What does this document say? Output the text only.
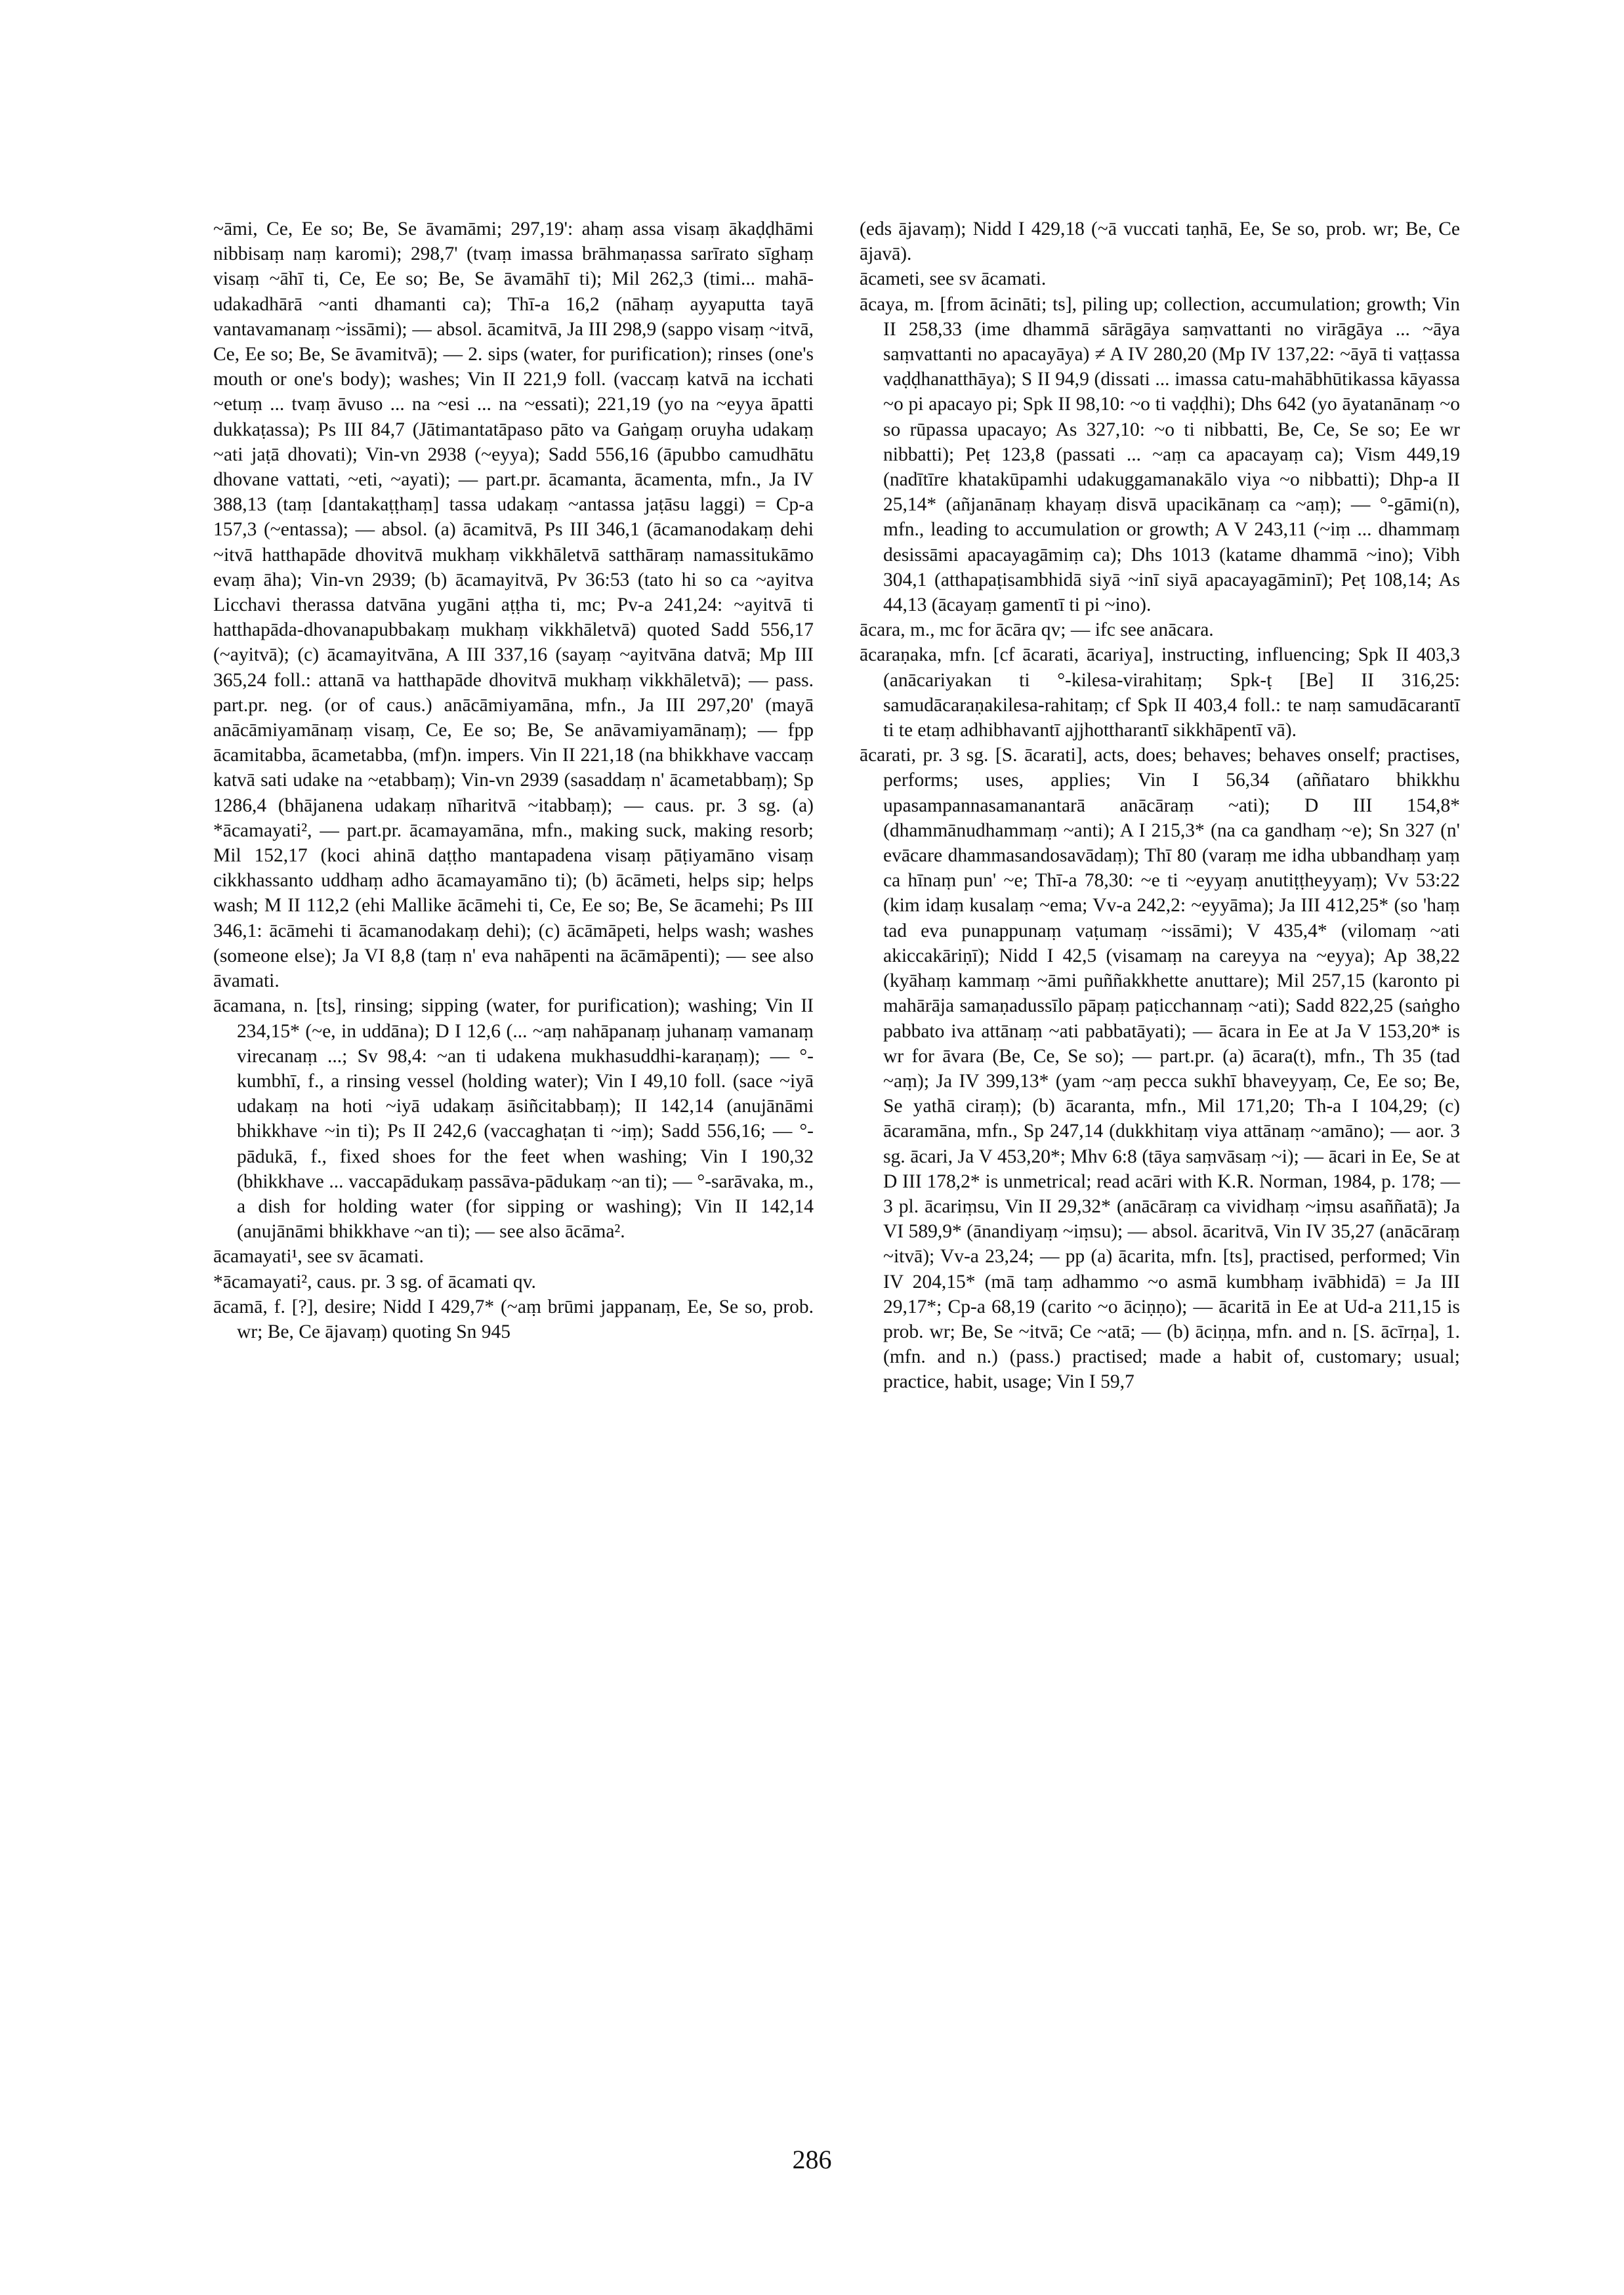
~āmi, Ce, Ee so; Be, Se āvamāmi; 297,19': ahaṃ assa visaṃ ākaḍḍhāmi nibbisaṃ naṃ karomi); 298,7' (tvaṃ imassa brāhmaṇassa sarīrato sīghaṃ visaṃ ~āhī ti, Ce, Ee so; Be, Se āvamāhī ti); Mil 262,3 (timi... mahā-udakadhārā ~anti dhamanti ca); Thī-a 16,2 (nāhaṃ ayyaputta tayā vantavamanaṃ ~issāmi); — absol. ācamitvā, Ja III 298,9 (sappo visaṃ ~itvā, Ce, Ee so; Be, Se āvamitvā); — 2. sips (water, for purification); rinses (one's mouth or one's body); washes; Vin II 221,9 foll. (vaccaṃ katvā na icchati ~etuṃ ... tvaṃ āvuso ... na ~esi ... na ~essati); 221,19 (yo na ~eyya āpatti dukkaṭassa); Ps III 84,7 (Jātimantatāpaso pāto va Gaṅgaṃ oruyha udakaṃ ~ati jaṭā dhovati); Vin-vn 2938 (~eyya); Sadd 556,16 (āpubbo camudhātu dhovane vattati, ~eti, ~ayati); — part.pr. ācamanta, ācamenta, mfn., Ja IV 388,13 (taṃ [dantakaṭṭhaṃ] tassa udakaṃ ~antassa jaṭāsu laggi) = Cp-a 157,3 (~entassa); — absol. (a) ācamitvā, Ps III 346,1 (ācamanodakaṃ dehi ~itvā hatthapāde dhovitvā mukhaṃ vikkhāletvā satthāraṃ namassitukāmo evaṃ āha); Vin-vn 2939; (b) ācamayitvā, Pv 36:53 (tato hi so ca ~ayitva Licchavi therassa datvāna yugāni aṭṭha ti, mc; Pv-a 241,24: ~ayitvā ti hatthapāda-dhovanapubbakaṃ mukhaṃ vikkhāletvā) quoted Sadd 556,17 (~ayitvā); (c) ācamayitvāna, A III 337,16 (sayaṃ ~ayitvāna datvā; Mp III 365,24 foll.: attanā va hatthapāde dhovitvā mukhaṃ vikkhāletvā); — pass. part.pr. neg. (or of caus.) anācāmiyamāna, mfn., Ja III 297,20' (mayā anācāmiyamānaṃ visaṃ, Ce, Ee so; Be, Se anāvamiyamānaṃ); — fpp ācamitabba, ācametabba, (mf)n. impers. Vin II 221,18 (na bhikkhave vaccaṃ katvā sati udake na ~etabbaṃ); Vin-vn 2939 (sasaddaṃ n' ācametabbaṃ); Sp 1286,4 (bhājanena udakaṃ nīharitvā ~itabbaṃ); — caus. pr. 3 sg. (a) *ācamayati², — part.pr. ācamayamāna, mfn., making suck, making resorb; Mil 152,17 (koci ahinā daṭṭho mantapadena visaṃ pāṭiyamāno visaṃ cikkhassanto uddhaṃ adho ācamayamāno ti); (b) ācāmeti, helps sip; helps wash; M II 112,2 (ehi Mallike ācāmehi ti, Ce, Ee so; Be, Se ācamehi; Ps III 346,1: ācāmehi ti ācamanodakaṃ dehi); (c) ācāmāpeti, helps wash; washes (someone else); Ja VI 8,8 (taṃ n' eva nahāpenti na ācāmāpenti); — see also āvamati.

ācamana, n. [ts], rinsing; sipping (water, for purification); washing; Vin II 234,15* (~e, in uddāna); D I 12,6 (... ~aṃ nahāpanaṃ juhanaṃ vamanaṃ virecanaṃ ...; Sv 98,4: ~an ti udakena mukhasuddhi-karaṇaṃ); — °-kumbhī, f., a rinsing vessel (holding water); Vin I 49,10 foll. (sace ~iyā udakaṃ na hoti ~iyā udakaṃ āsiñcitabbaṃ); II 142,14 (anujānāmi bhikkhave ~in ti); Ps II 242,6 (vaccaghaṭan ti ~iṃ); Sadd 556,16; — °-pādukā, f., fixed shoes for the feet when washing; Vin I 190,32 (bhikkhave ... vaccapādukaṃ passāva-pādukaṃ ~an ti); — °-sarāvaka, m., a dish for holding water (for sipping or washing); Vin II 142,14 (anujānāmi bhikkhave ~an ti); — see also ācāma².

ācamayati¹, see sv ācamati.

*ācamayati², caus. pr. 3 sg. of ācamati qv.

ācamā, f. [?], desire; Nidd I 429,7* (~aṃ brūmi jappanaṃ, Ee, Se so, prob. wr; Be, Ce ājavaṃ) quoting Sn 945

(eds ājavaṃ); Nidd I 429,18 (~ā vuccati taṇhā, Ee, Se so, prob. wr; Be, Ce ājavā).

ācameti, see sv ācamati.

ācaya, m. [from ācināti; ts], piling up; collection, accumulation; growth; Vin II 258,33 (ime dhammā sārāgāya saṃvattanti no virāgāya ... ~āya saṃvattanti no apacayāya) ≠ A IV 280,20 (Mp IV 137,22: ~āyā ti vaṭṭassa vaḍḍhanatthāya); S II 94,9 (dissati ... imassa catu-mahābhūtikassa kāyassa ~o pi apacayo pi; Spk II 98,10: ~o ti vaḍḍhi); Dhs 642 (yo āyatanānaṃ ~o so rūpassa upacayo; As 327,10: ~o ti nibbatti, Be, Ce, Se so; Ee wr nibbatti); Peṭ 123,8 (passati ... ~aṃ ca apacayaṃ ca); Vism 449,19 (nadītīre khatakūpamhi udakuggamanakālo viya ~o nibbatti); Dhp-a II 25,14* (añjanānaṃ khayaṃ disvā upacikānaṃ ca ~aṃ); — °-gāmi(n), mfn., leading to accumulation or growth; A V 243,11 (~iṃ ... dhammaṃ desissāmi apacayagāmiṃ ca); Dhs 1013 (katame dhammā ~ino); Vibh 304,1 (atthapaṭisambhidā siyā ~inī siyā apacayagāminī); Peṭ 108,14; As 44,13 (ācayaṃ gamentī ti pi ~ino).

ācara, m., mc for ācāra qv; — ifc see anācara.

ācaraṇaka, mfn. [cf ācarati, ācariya], instructing, influencing; Spk II 403,3 (anācariyakan ti °-kilesa-virahitaṃ; Spk-ṭ [Be] II 316,25: samudācaraṇakilesa-rahitaṃ; cf Spk II 403,4 foll.: te naṃ samudācarantī ti te etaṃ adhibhavantī ajjhottharantī sikkhāpentī vā).

ācarati, pr. 3 sg. [S. ācarati], acts, does; behaves; behaves onself; practises, performs; uses, applies; Vin I 56,34 (aññataro bhikkhu upasampannasamanantarā anācāraṃ ~ati); D III 154,8* (dhammānudhammaṃ ~anti); A I 215,3* (na ca gandhaṃ ~e); Sn 327 (n' evācare dhammasandosavādaṃ); Thī 80 (varaṃ me idha ubbandhaṃ yaṃ ca hīnaṃ pun' ~e; Thī-a 78,30: ~e ti ~eyyaṃ anutiṭṭheyyaṃ); Vv 53:22 (kim idaṃ kusalaṃ ~ema; Vv-a 242,2: ~eyyāma); Ja III 412,25* (so 'haṃ tad eva punappunaṃ vaṭumaṃ ~issāmi); V 435,4* (vilomaṃ ~ati akiccakāriṇī); Nidd I 42,5 (visamaṃ na careyya na ~eyya); Ap 38,22 (kyāhaṃ kammaṃ ~āmi puññakkhette anuttare); Mil 257,15 (karonto pi mahārāja samaṇadussīlo pāpaṃ paṭicchannaṃ ~ati); Sadd 822,25 (saṅgho pabbato iva attānaṃ ~ati pabbatāyati); — ācara in Ee at Ja V 153,20* is wr for āvara (Be, Ce, Se so); — part.pr. (a) ācara(t), mfn., Th 35 (tad ~aṃ); Ja IV 399,13* (yam ~aṃ pecca sukhī bhaveyyaṃ, Ce, Ee so; Be, Se yathā ciraṃ); (b) ācaranta, mfn., Mil 171,20; Th-a I 104,29; (c) ācaramāna, mfn., Sp 247,14 (dukkhitaṃ viya attānaṃ ~amāno); — aor. 3 sg. ācari, Ja V 453,20*; Mhv 6:8 (tāya saṃvāsaṃ ~i); — ācari in Ee, Se at D III 178,2* is unmetrical; read acāri with K.R. Norman, 1984, p. 178; — 3 pl. ācariṃsu, Vin II 29,32* (anācāraṃ ca vividhaṃ ~iṃsu asaññatā); Ja VI 589,9* (ānandiyaṃ ~iṃsu); — absol. ācaritvā, Vin IV 35,27 (anācāraṃ ~itvā); Vv-a 23,24; — pp (a) ācarita, mfn. [ts], practised, performed; Vin IV 204,15* (mā taṃ adhammo ~o asmā kumbhaṃ ivābhidā) = Ja III 29,17*; Cp-a 68,19 (carito ~o āciṇṇo); — ācaritā in Ee at Ud-a 211,15 is prob. wr; Be, Se ~itvā; Ce ~atā; — (b) āciṇṇa, mfn. and n. [S. ācīrṇa], 1. (mfn. and n.) (pass.) practised; made a habit of, customary; usual; practice, habit, usage; Vin I 59,7

286
